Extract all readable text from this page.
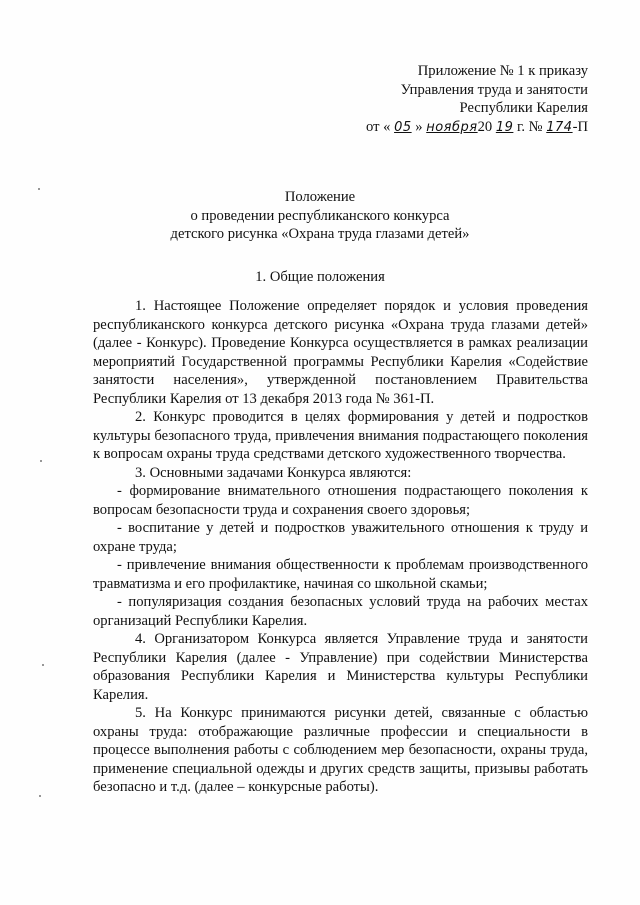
Приложение № 1 к приказу
Управления труда и занятости
Республики Карелия
от « 05 » ноября20 19 г. № 174-П
Положение
о проведении республиканского конкурса
детского рисунка «Охрана труда глазами детей»
1. Общие положения

1. Настоящее Положение определяет порядок и условия проведения республиканского конкурса детского рисунка «Охрана труда глазами детей» (далее - Конкурс). Проведение Конкурса осуществляется в рамках реализации мероприятий Государственной программы Республики Карелия «Содействие занятости населения», утвержденной постановлением Правительства Республики Карелия от 13 декабря 2013 года № 361-П.

2. Конкурс проводится в целях формирования у детей и подростков культуры безопасного труда, привлечения внимания подрастающего поколения к вопросам охраны труда средствами детского художественного творчества.

3. Основными задачами Конкурса являются:

- формирование внимательного отношения подрастающего поколения к вопросам безопасности труда и сохранения своего здоровья;

- воспитание у детей и подростков уважительного отношения к труду и охране труда;

- привлечение внимания общественности к проблемам производственного травматизма и его профилактике, начиная со школьной скамьи;

- популяризация создания безопасных условий труда на рабочих местах организаций Республики Карелия.

4. Организатором Конкурса является Управление труда и занятости Республики Карелия (далее - Управление) при содействии Министерства образования Республики Карелия и Министерства культуры Республики Карелия.

5. На Конкурс принимаются рисунки детей, связанные с областью охраны труда: отображающие различные профессии и специальности в процессе выполнения работы с соблюдением мер безопасности, охраны труда, применение специальной одежды и других средств защиты, призывы работать безопасно и т.д. (далее – конкурсные работы).
